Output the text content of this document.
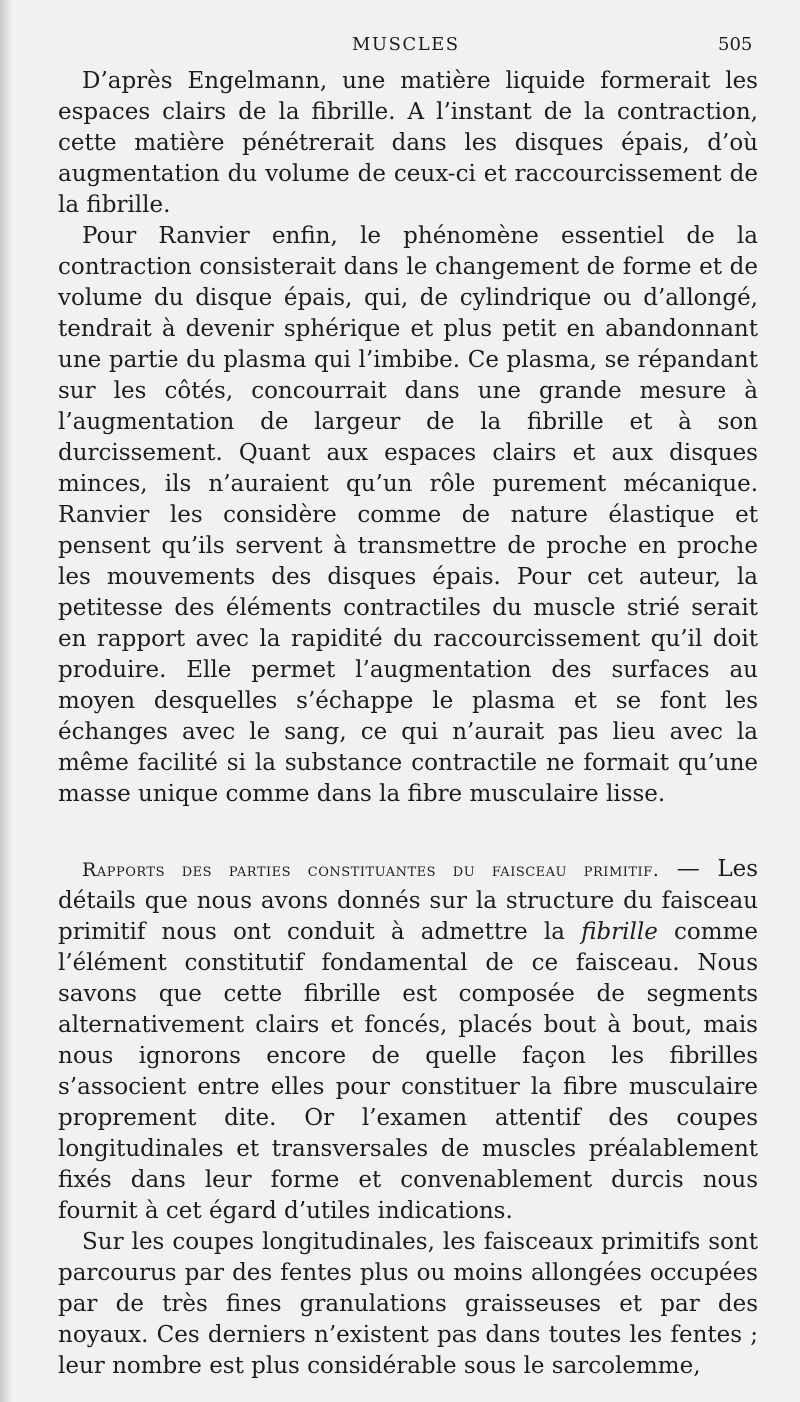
MUSCLES	505

D’après Engelmann, une matière liquide formerait les espaces clairs de la fibrille. A l’instant de la contraction, cette matière pénétrerait dans les disques épais, d’où augmentation du volume de ceux-ci et raccourcissement de la fibrille.

Pour Ranvier enfin, le phénomène essentiel de la contraction consisterait dans le changement de forme et de volume du disque épais, qui, de cylindrique ou d’allongé, tendrait à devenir sphérique et plus petit en abandonnant une partie du plasma qui l’imbibe. Ce plasma, se répandant sur les côtés, concourrait dans une grande mesure à l’augmentation de largeur de la fibrille et à son durcissement. Quant aux espaces clairs et aux disques minces, ils n’auraient qu’un rôle purement mécanique. Ranvier les considère comme de nature élastique et pensent qu’ils servent à transmettre de proche en proche les mouvements des disques épais. Pour cet auteur, la petitesse des éléments contractiles du muscle strié serait en rapport avec la rapidité du raccourcissement qu’il doit produire. Elle permet l’augmentation des surfaces au moyen desquelles s’échappe le plasma et se font les échanges avec le sang, ce qui n’aurait pas lieu avec la même facilité si la substance contractile ne formait qu’une masse unique comme dans la fibre musculaire lisse.

Rapports des parties constituantes du faisceau primitif. — Les détails que nous avons donnés sur la structure du faisceau primitif nous ont conduit à admettre la fibrille comme l’élément constitutif fondamental de ce faisceau. Nous savons que cette fibrille est composée de segments alternativement clairs et foncés, placés bout à bout, mais nous ignorons encore de quelle façon les fibrilles s’associent entre elles pour constituer la fibre musculaire proprement dite. Or l’examen attentif des coupes longitudinales et transversales de muscles préalablement fixés dans leur forme et convenablement durcis nous fournit à cet égard d’utiles indications.

Sur les coupes longitudinales, les faisceaux primitifs sont parcourus par des fentes plus ou moins allongées occupées par de très fines granulations graisseuses et par des noyaux. Ces derniers n’existent pas dans toutes les fentes ; leur nombre est plus considérable sous le sarcolemme,
